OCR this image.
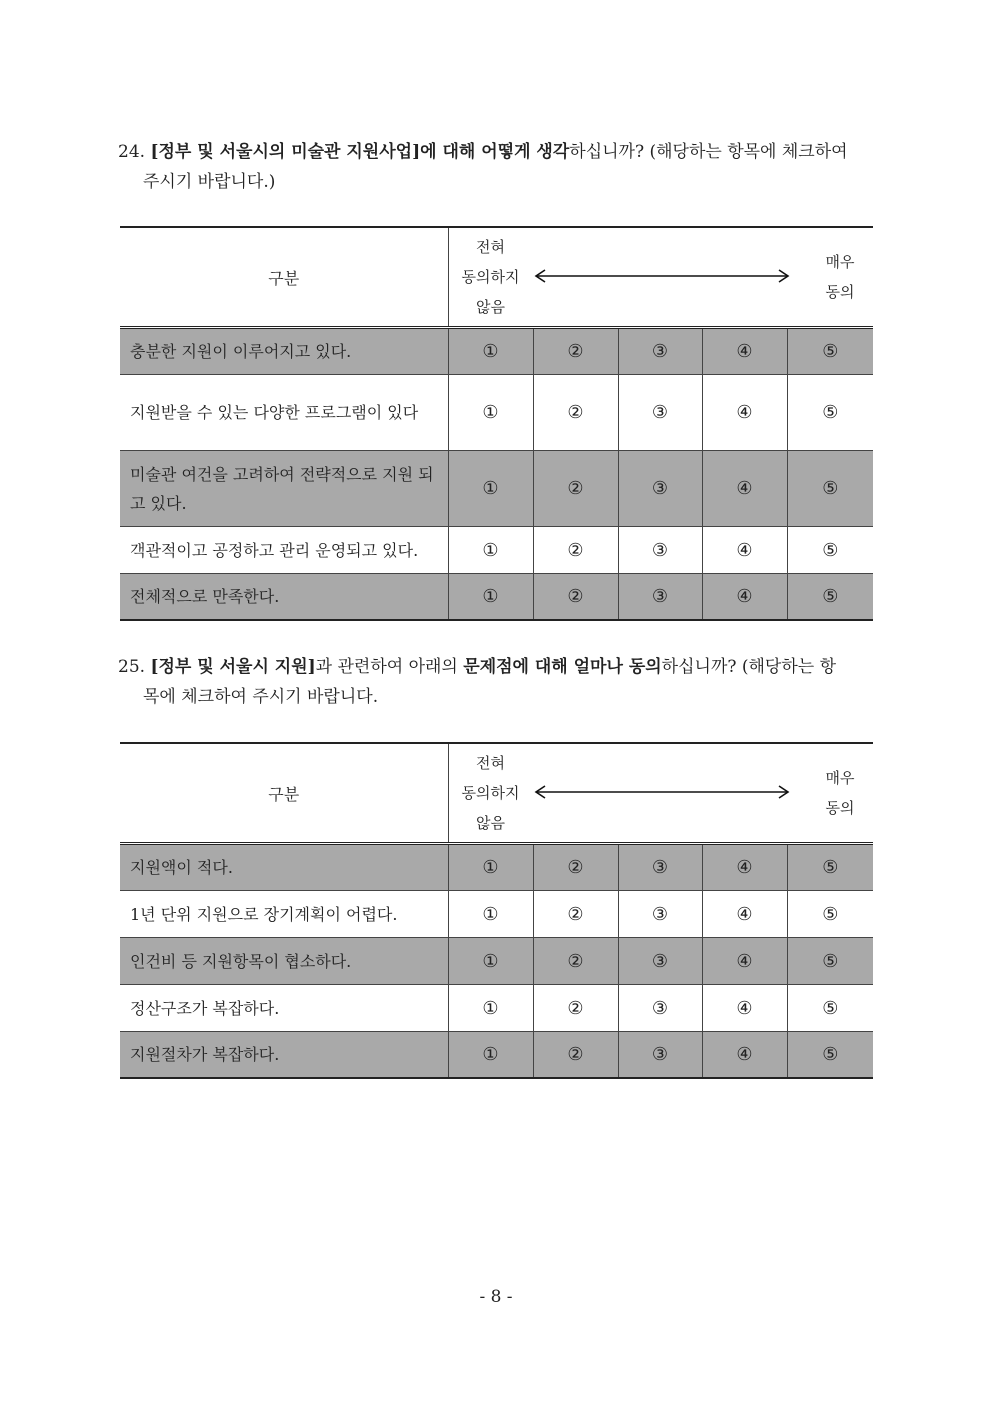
24. [정부 및 서울시의 미술관 지원사업]에 대해 어떻게 생각하십니까? (해당하는 항목에 체크하여
주시기 바랍니다.)
구분	전혀
동의하지
않음
매우
동의				

충분한 지원이 이루어지고 있다.	①	②	③	④	⑤
지원받을 수 있는 다양한 프로그램이 있다	①	②	③	④	⑤
미술관 여건을 고려하여 전략적으로 지원 되고 있다.	①	②	③	④	⑤
객관적이고 공정하고 관리 운영되고 있다.	①	②	③	④	⑤
전체적으로 만족한다.	①	②	③	④	⑤
25. [정부 및 서울시 지원]과 관련하여 아래의 문제점에 대해 얼마나 동의하십니까? (해당하는 항
목에 체크하여 주시기 바랍니다.
구분	전혀
동의하지
않음
매우
동의				

지원액이 적다.	①	②	③	④	⑤
1년 단위 지원으로 장기계획이 어렵다.	①	②	③	④	⑤
인건비 등 지원항목이 협소하다.	①	②	③	④	⑤
정산구조가 복잡하다.	①	②	③	④	⑤
지원절차가 복잡하다.	①	②	③	④	⑤
- 8 -
